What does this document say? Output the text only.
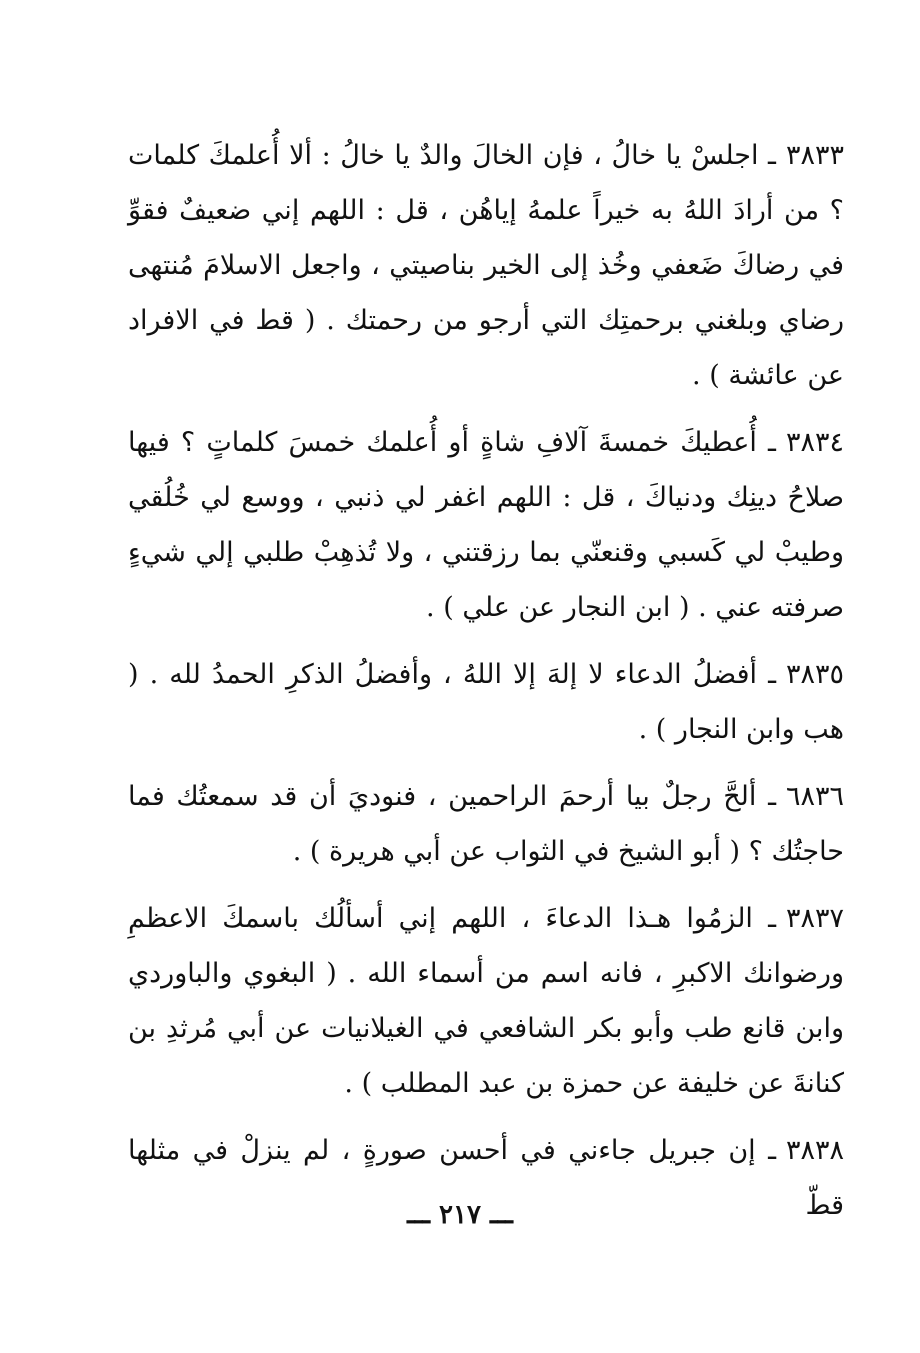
٣٨٣٣ـ اجلسْ يا خالُ ، فإن الخالَ والدٌ يا خالُ : ألا أُعلمكَ كلمات ؟ من أرادَ اللهُ به خيراً علمهُ إياهُن ، قل : اللهم إني ضعيفٌ فقوِّ في رضاكَ ضَعفي وخُذ إلى الخير بناصيتي ، واجعل الاسلامَ مُنتهى رضاي وبلغني برحمتِك التي أرجو من رحمتك . ( قط في الافراد عن عائشة ) .

٣٨٣٤ـ أُعطيكَ خمسةَ آلافِ شاةٍ أو أُعلمك خمسَ كلماتٍ ؟ فيها صلاحُ دينِك ودنياكَ ، قل : اللهم اغفر لي ذنبي ، ووسع لي خُلُقي وطيبْ لي كَسبي وقنعنّي بما رزقتني ، ولا تُذهِبْ طلبي إلي شيءٍ صرفته عني . ( ابن النجار عن علي ) .

٣٨٣٥ـ أفضلُ الدعاء لا إلهَ إلا اللهُ ، وأفضلُ الذكرِ الحمدُ لله . ( هب وابن النجار ) .

٦٨٣٦ـ ألحَّ رجلٌ بيا أرحمَ الراحمين ، فنوديَ أن قد سمعتُك فما حاجتُك ؟ ( أبو الشيخ في الثواب عن أبي هريرة ) .

٣٨٣٧ـ الزمُوا هـذا الدعاءَ ، اللهم إني أسألُك باسمكَ الاعظمِ ورضوانك الاكبرِ ، فانه اسم من أسماء الله . ( البغوي والباوردي وابن قانع طب وأبو بكر الشافعي في الغيلانيات عن أبي مُرثدِ بن كنانةَ عن خليفة عن حمزة بن عبد المطلب ) .

٣٨٣٨ـ إن جبريل جاءني في أحسن صورةٍ ، لم ينزلْ في مثلها قطّ

ـــ ٢١٧ ـــ
